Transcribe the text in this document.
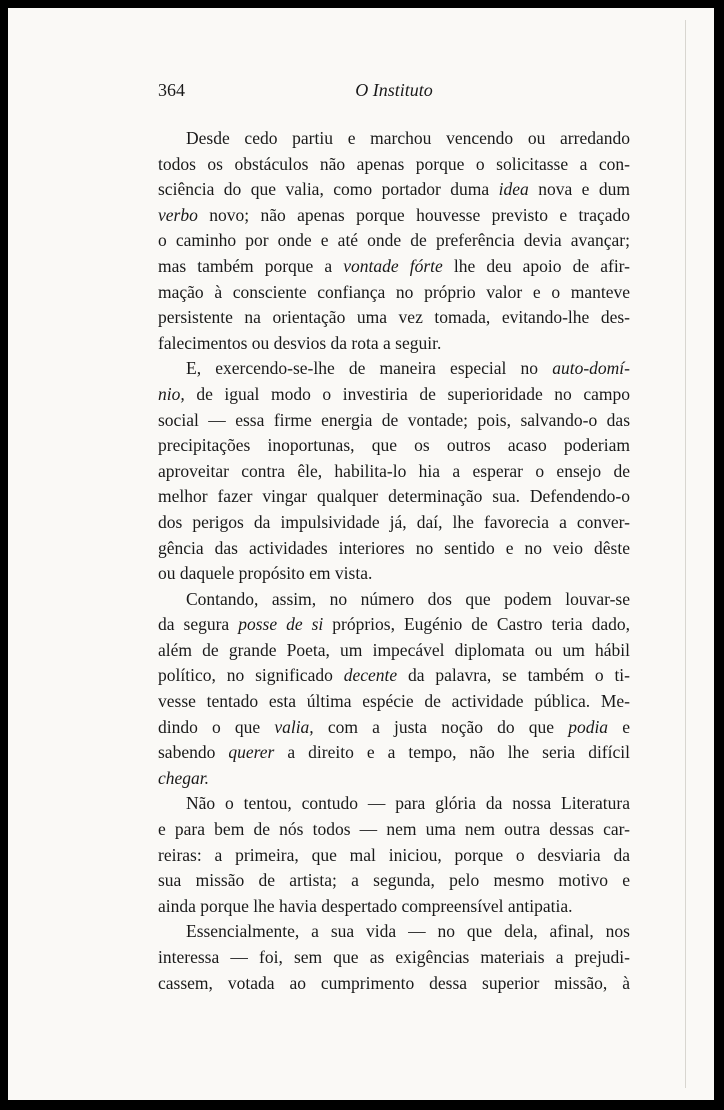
364	O Instituto
Desde cedo partiu e marchou vencendo ou arredando
todos os obstáculos não apenas porque o solicitasse a con-
sciência do que valia, como portador duma idea nova e dum
verbo novo; não apenas porque houvesse previsto e traçado
o caminho por onde e até onde de preferência devia avançar;
mas também porque a vontade fórte lhe deu apoio de afir-
mação à consciente confiança no próprio valor e o manteve
persistente na orientação uma vez tomada, evitando-lhe des-
falecimentos ou desvios da rota a seguir.
E, exercendo-se-lhe de maneira especial no auto-domí-
nio, de igual modo o investiria de superioridade no campo
social — essa firme energia de vontade; pois, salvando-o das
precipitações inoportunas, que os outros acaso poderiam
aproveitar contra êle, habilita-lo hia a esperar o ensejo de
melhor fazer vingar qualquer determinação sua. Defendendo-o
dos perigos da impulsividade já, daí, lhe favorecia a conver-
gência das actividades interiores no sentido e no veio dêste
ou daquele propósito em vista.
Contando, assim, no número dos que podem louvar-se
da segura posse de si próprios, Eugénio de Castro teria dado,
além de grande Poeta, um impecável diplomata ou um hábil
político, no significado decente da palavra, se também o ti-
vesse tentado esta última espécie de actividade pública. Me-
dindo o que valia, com a justa noção do que podia e
sabendo querer a direito e a tempo, não lhe seria difícil
chegar.
Não o tentou, contudo — para glória da nossa Literatura
e para bem de nós todos — nem uma nem outra dessas car-
reiras: a primeira, que mal iniciou, porque o desviaria da
sua missão de artista; a segunda, pelo mesmo motivo e
ainda porque lhe havia despertado compreensível antipatia.
Essencialmente, a sua vida — no que dela, afinal, nos
interessa — foi, sem que as exigências materiais a prejudi-
cassem, votada ao cumprimento dessa superior missão, à
